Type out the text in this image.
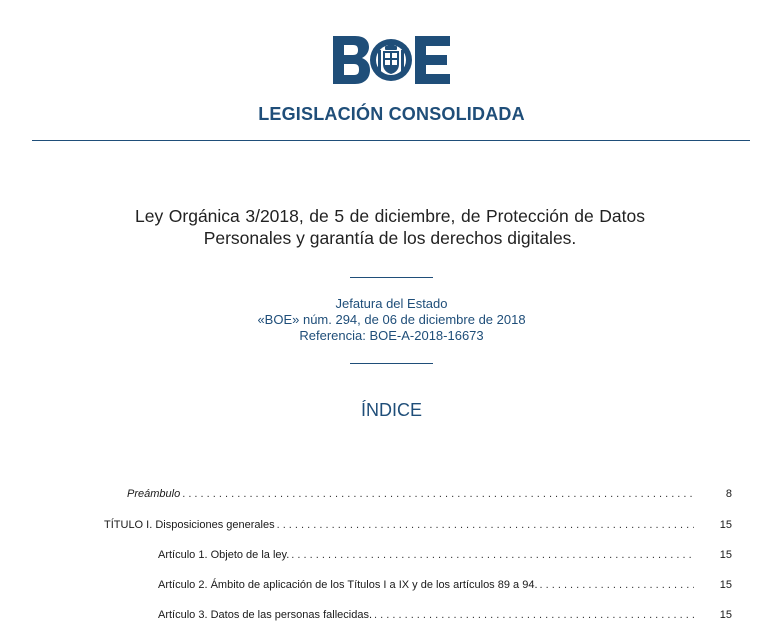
LEGISLACIÓN CONSOLIDADA
Ley Orgánica 3/2018, de 5 de diciembre, de Protección de Datos
Personales y garantía de los derechos digitales.
Jefatura del Estado
«BOE» núm. 294, de 06 de diciembre de 2018
Referencia: BOE-A-2018-16673
ÍNDICE
Preámbulo . . .	8
TÍTULO I. Disposiciones generales . . .	15
Artículo 1. Objeto de la ley. . . .	15
Artículo 2. Ámbito de aplicación de los Títulos I a IX y de los artículos 89 a 94. . . .	15
Artículo 3. Datos de las personas fallecidas. . . .	15
